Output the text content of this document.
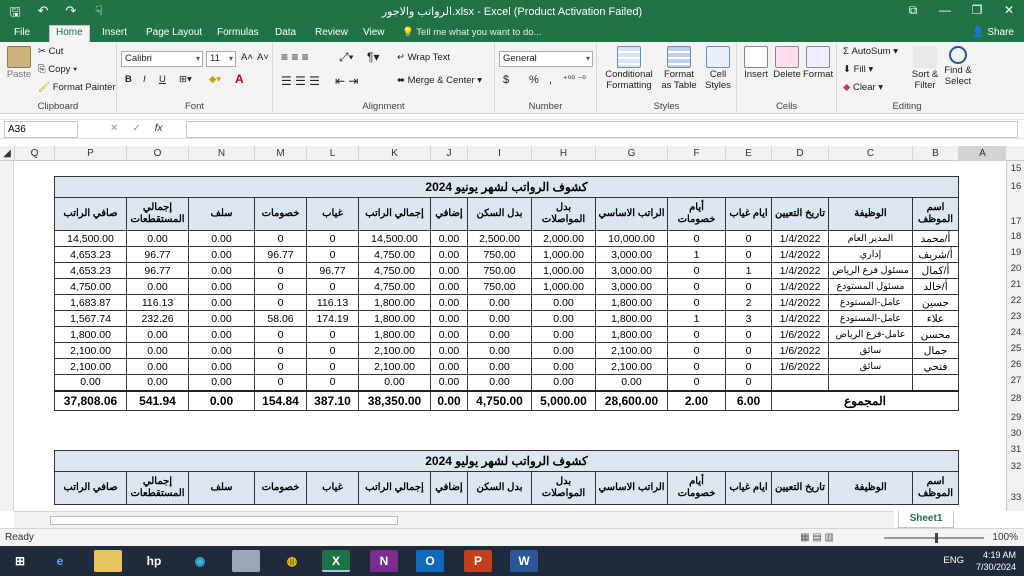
🖫	↶	↷	☟	الرواتب والاجور.xlsx - Excel (Product Activation Failed)	⧉	—	❐	✕
File	Home	Insert	Page Layout	Formulas	Data	Review	View	💡 Tell me what you want to do...	👤 Share
Paste
✂ Cut
⎘ Copy ▾
🖌 Format Painter
Clipboard
Calibri ▾	11 ▾	A˄ A˅
B I U ⊞▾ ◆▾ A
Font
≡ ≡ ≡	⤢▾ ¶▾ ↵ Wrap Text
☰ ☰ ☰ ⇤ ⇥	⬌ Merge & Center ▾
Alignment
General ▾
$ % , ⁺⁰⁰ ⁻⁰
Number
Conditional Formatting
Format as Table
Cell Styles
Styles
Insert Delete Format
Cells
Σ AutoSum ▾
⬇ Fill ▾
◆ Clear ▾
Sort & Filter
Find & Select
Editing
A36	✕ ✓ fx
◢	Q	P	O	N	M	L	K	J	I	H	G	F	E	D	C	B	A
15
16
17
18
19
20
21
22
23
24
25
26
27
28
29
30
31
32
33
كشوف الرواتب لشهر يونيو 2024														
اسم الموظف	الوظيفة	تاريخ التعيين	ايام غياب	أيام خصومات	الراتب الاساسي	بدل المواصلات	بدل السكن	إضافي	إجمالي الراتب	غياب	خصومات	سلف	إجمالي المستقطعات	صافي الراتب
أ/محمد	المدير العام	1/4/2022	0	0	10,000.00	2,000.00	2,500.00	0.00	14,500.00	0	0	0.00	0.00	14,500.00
أ/شريف	إداري	1/4/2022	0	1	3,000.00	1,000.00	750.00	0.00	4,750.00	0	96.77	0.00	96.77	4,653.23
أ/كمال	مسئول فرع الرياض	1/4/2022	1	0	3,000.00	1,000.00	750.00	0.00	4,750.00	96.77	0	0.00	96.77	4,653.23
أ/خالد	مسئول المستودع	1/4/2022	0	0	3,000.00	1,000.00	750.00	0.00	4,750.00	0	0	0.00	0.00	4,750.00
حسين	عامل-المستودع	1/4/2022	2	0	1,800.00	0.00	0.00	0.00	1,800.00	116.13	0	0.00	116.13	1,683.87
علاء	عامل-المستودع	1/4/2022	3	1	1,800.00	0.00	0.00	0.00	1,800.00	174.19	58.06	0.00	232.26	1,567.74
محسن	عامل-فرع الرياض	1/6/2022	0	0	1,800.00	0.00	0.00	0.00	1,800.00	0	0	0.00	0.00	1,800.00
جمال	سائق	1/6/2022	0	0	2,100.00	0.00	0.00	0.00	2,100.00	0	0	0.00	0.00	2,100.00
فتحي	سائق	1/6/2022	0	0	2,100.00	0.00	0.00	0.00	2,100.00	0	0	0.00	0.00	2,100.00
			0	0	0.00	0.00	0.00	0.00	0.00	0	0	0.00	0.00	0.00
المجموع			6.00	2.00	28,600.00	5,000.00	4,750.00	0.00	38,350.00	387.10	154.84	0.00	541.94	37,808.06
كشوف الرواتب لشهر يوليو 2024
اسم الموظف	الوظيفة	تاريخ التعيين	ايام غياب	أيام خصومات	الراتب الاساسي	بدل المواصلات	بدل السكن	إضافي	إجمالي الراتب	غياب	خصومات	سلف	إجمالي المستقطعات	صافي الراتب
Sheet1
Ready	▦ ▤ ▥	100%
⊞	e	hp	◉	◍	X	N	O	P	W	ENG	4:19 AM
7/30/2024
